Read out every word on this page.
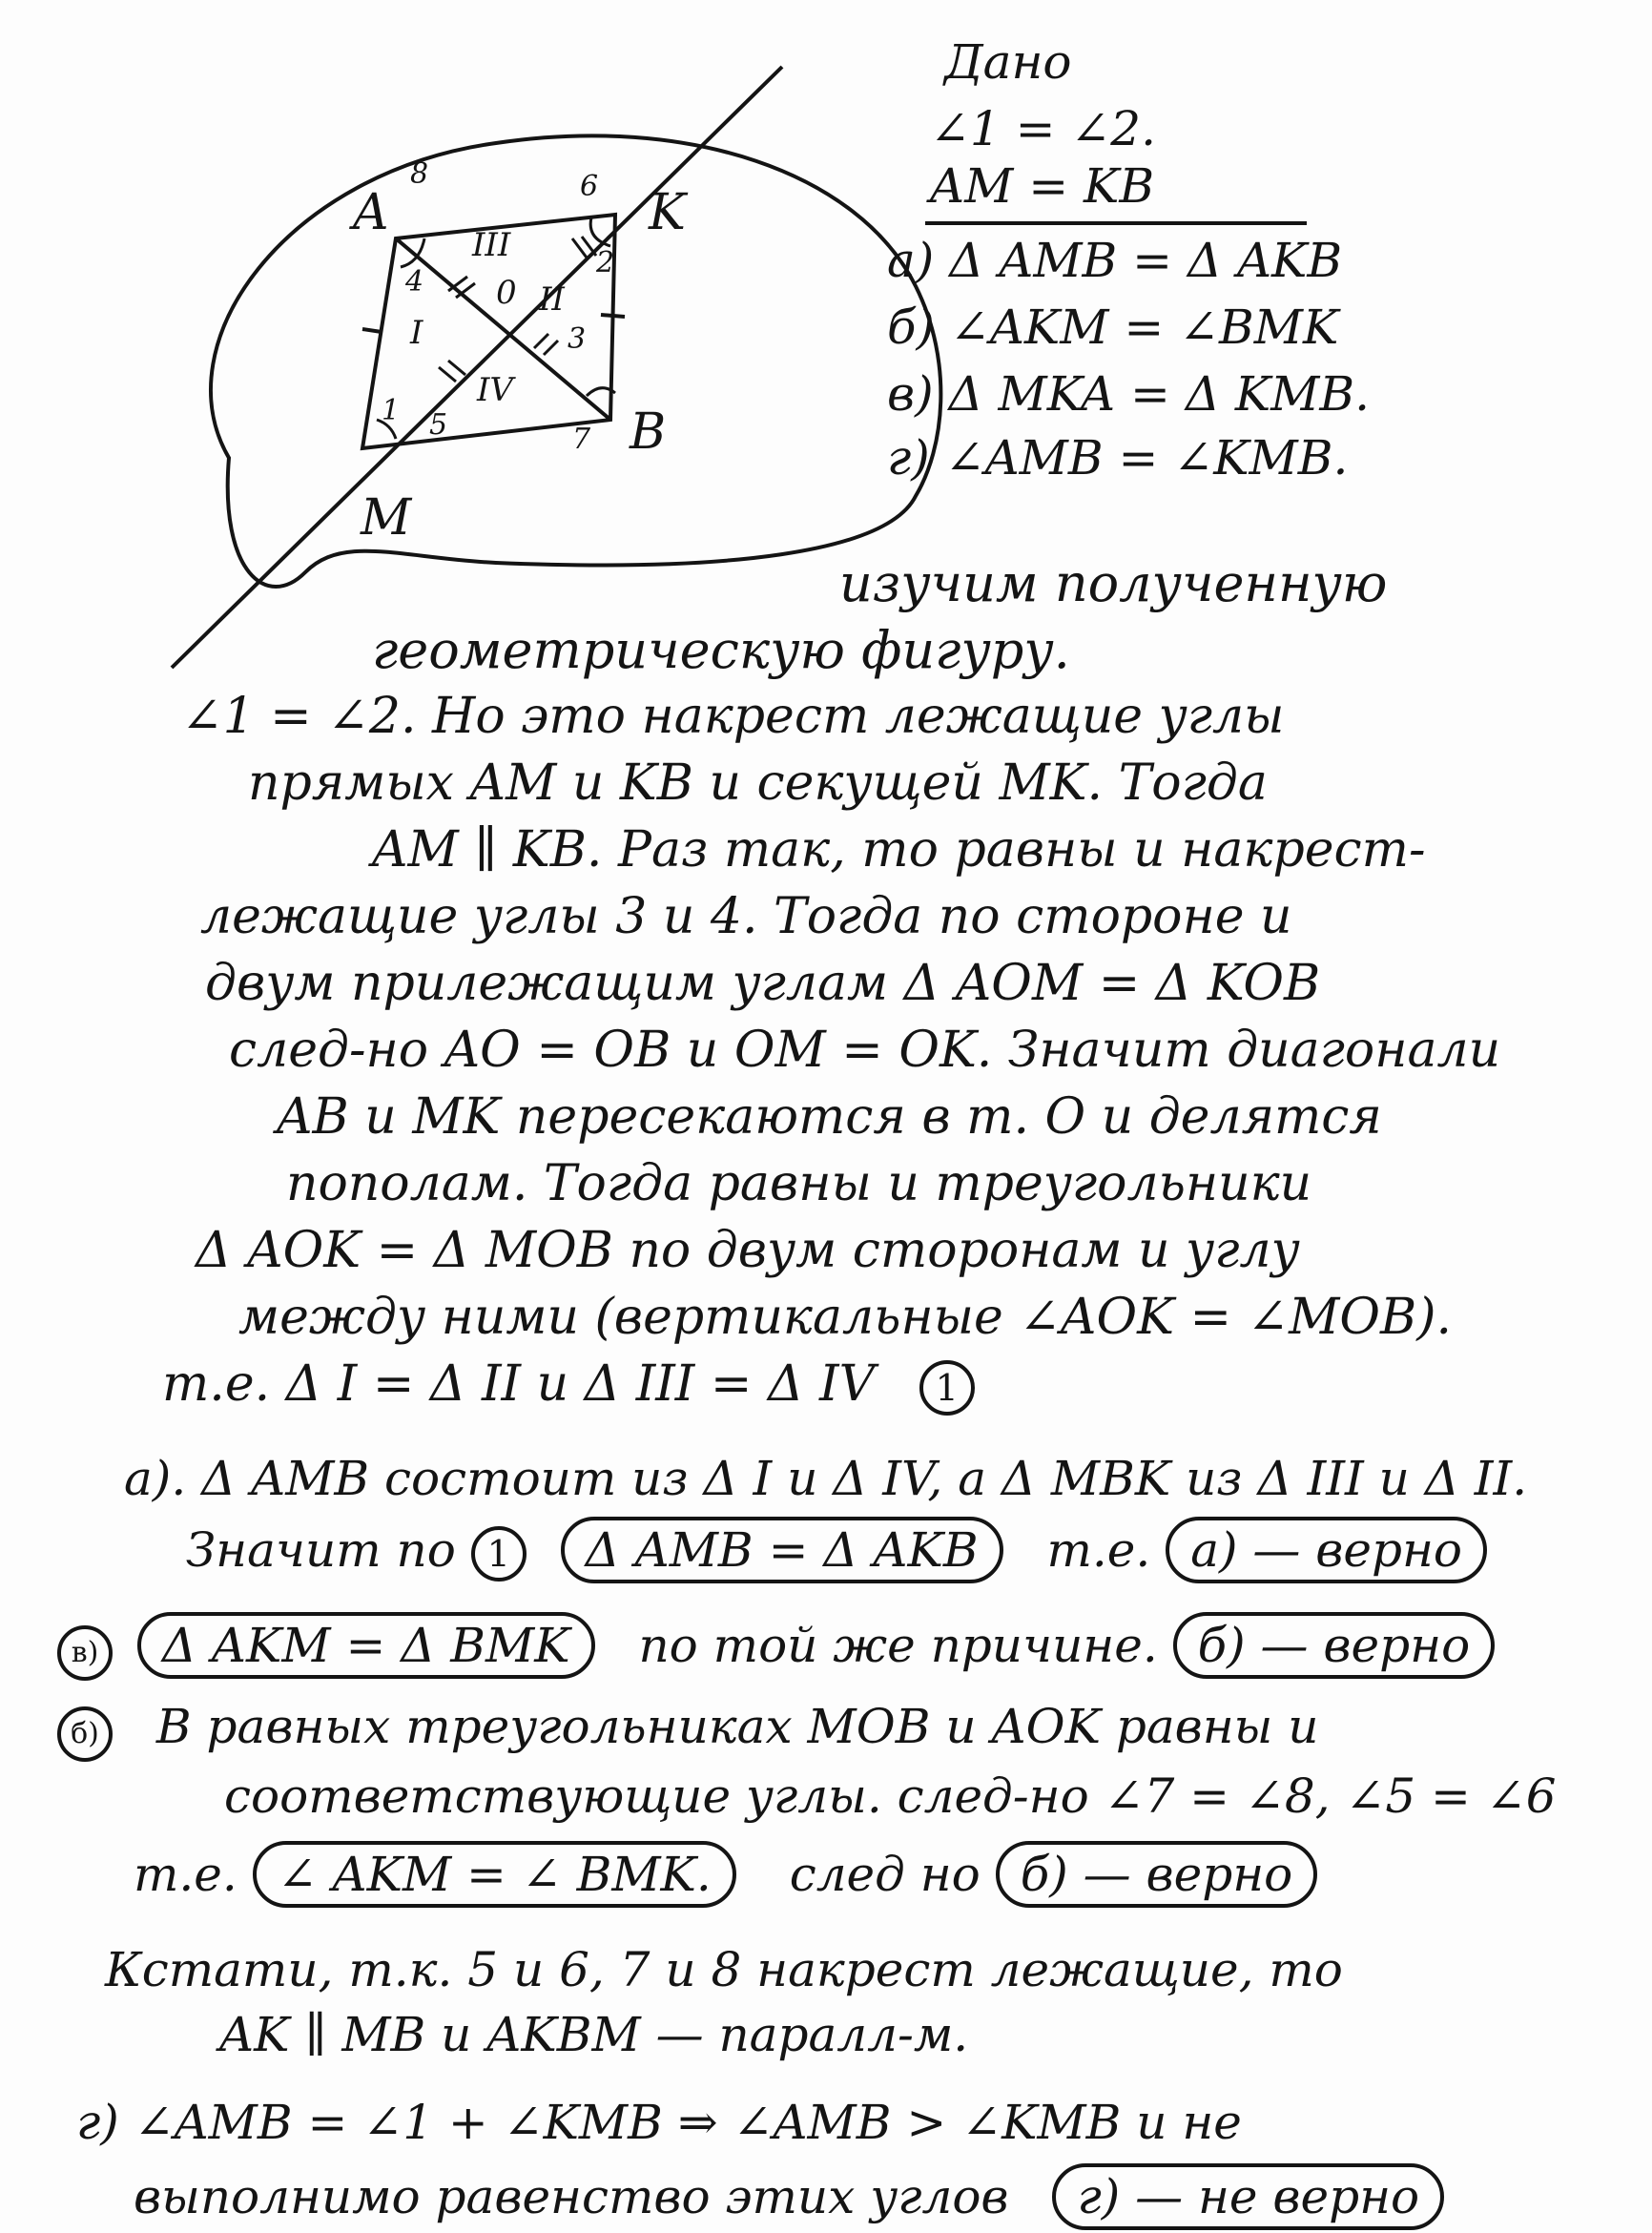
A	K
B
M
8	6
2
4
3
1 5	7
I
II
III
IV
0
Дано
∠1 = ∠2.
AM = KB
а) Δ AMB = Δ AKB
б) ∠AKM = ∠BMK
в) Δ MKA = Δ KMB.
г) ∠AMB = ∠KMB.
изучим полученную
геометрическую фигуру.
∠1 = ∠2. Но это накрест лежащие углы
прямых AM и KB и секущей MK. Тогда
AM ∥ KB. Раз так, то равны и накрест-
лежащие углы 3 и 4. Тогда по стороне и
двум прилежащим углам Δ AOM = Δ KOB
след-но AO = OB и OM = OK. Значит диагонали
AB и MK пересекаются в т. O и делятся
пополам. Тогда равны и треугольники
Δ AOK = Δ MOB по двум сторонам и углу
между ними (вертикальные ∠AOK = ∠MOB).
т.е. Δ I = Δ II и Δ III = Δ IV 1
а). Δ AMB состоит из Δ I и Δ IV, а Δ MBK из Δ III и Δ II.
Значит по 1 Δ AMB = Δ AKB т.е. а) — верно
в) Δ AKM = Δ BMK по той же причине. б) — верно
б) В равных треугольниках MOB и AOK равны и
соответствующие углы. след-но ∠7 = ∠8, ∠5 = ∠6
т.е. ∠ AKM = ∠ BMK. след но б) — верно
Кстати, т.к. 5 и 6, 7 и 8 накрест лежащие, то
AK ∥ MB и AKBM — паралл-м.
г) ∠AMB = ∠1 + ∠KMB ⇒ ∠AMB > ∠KMB и не
выполнимо равенство этих углов г) — не верно
